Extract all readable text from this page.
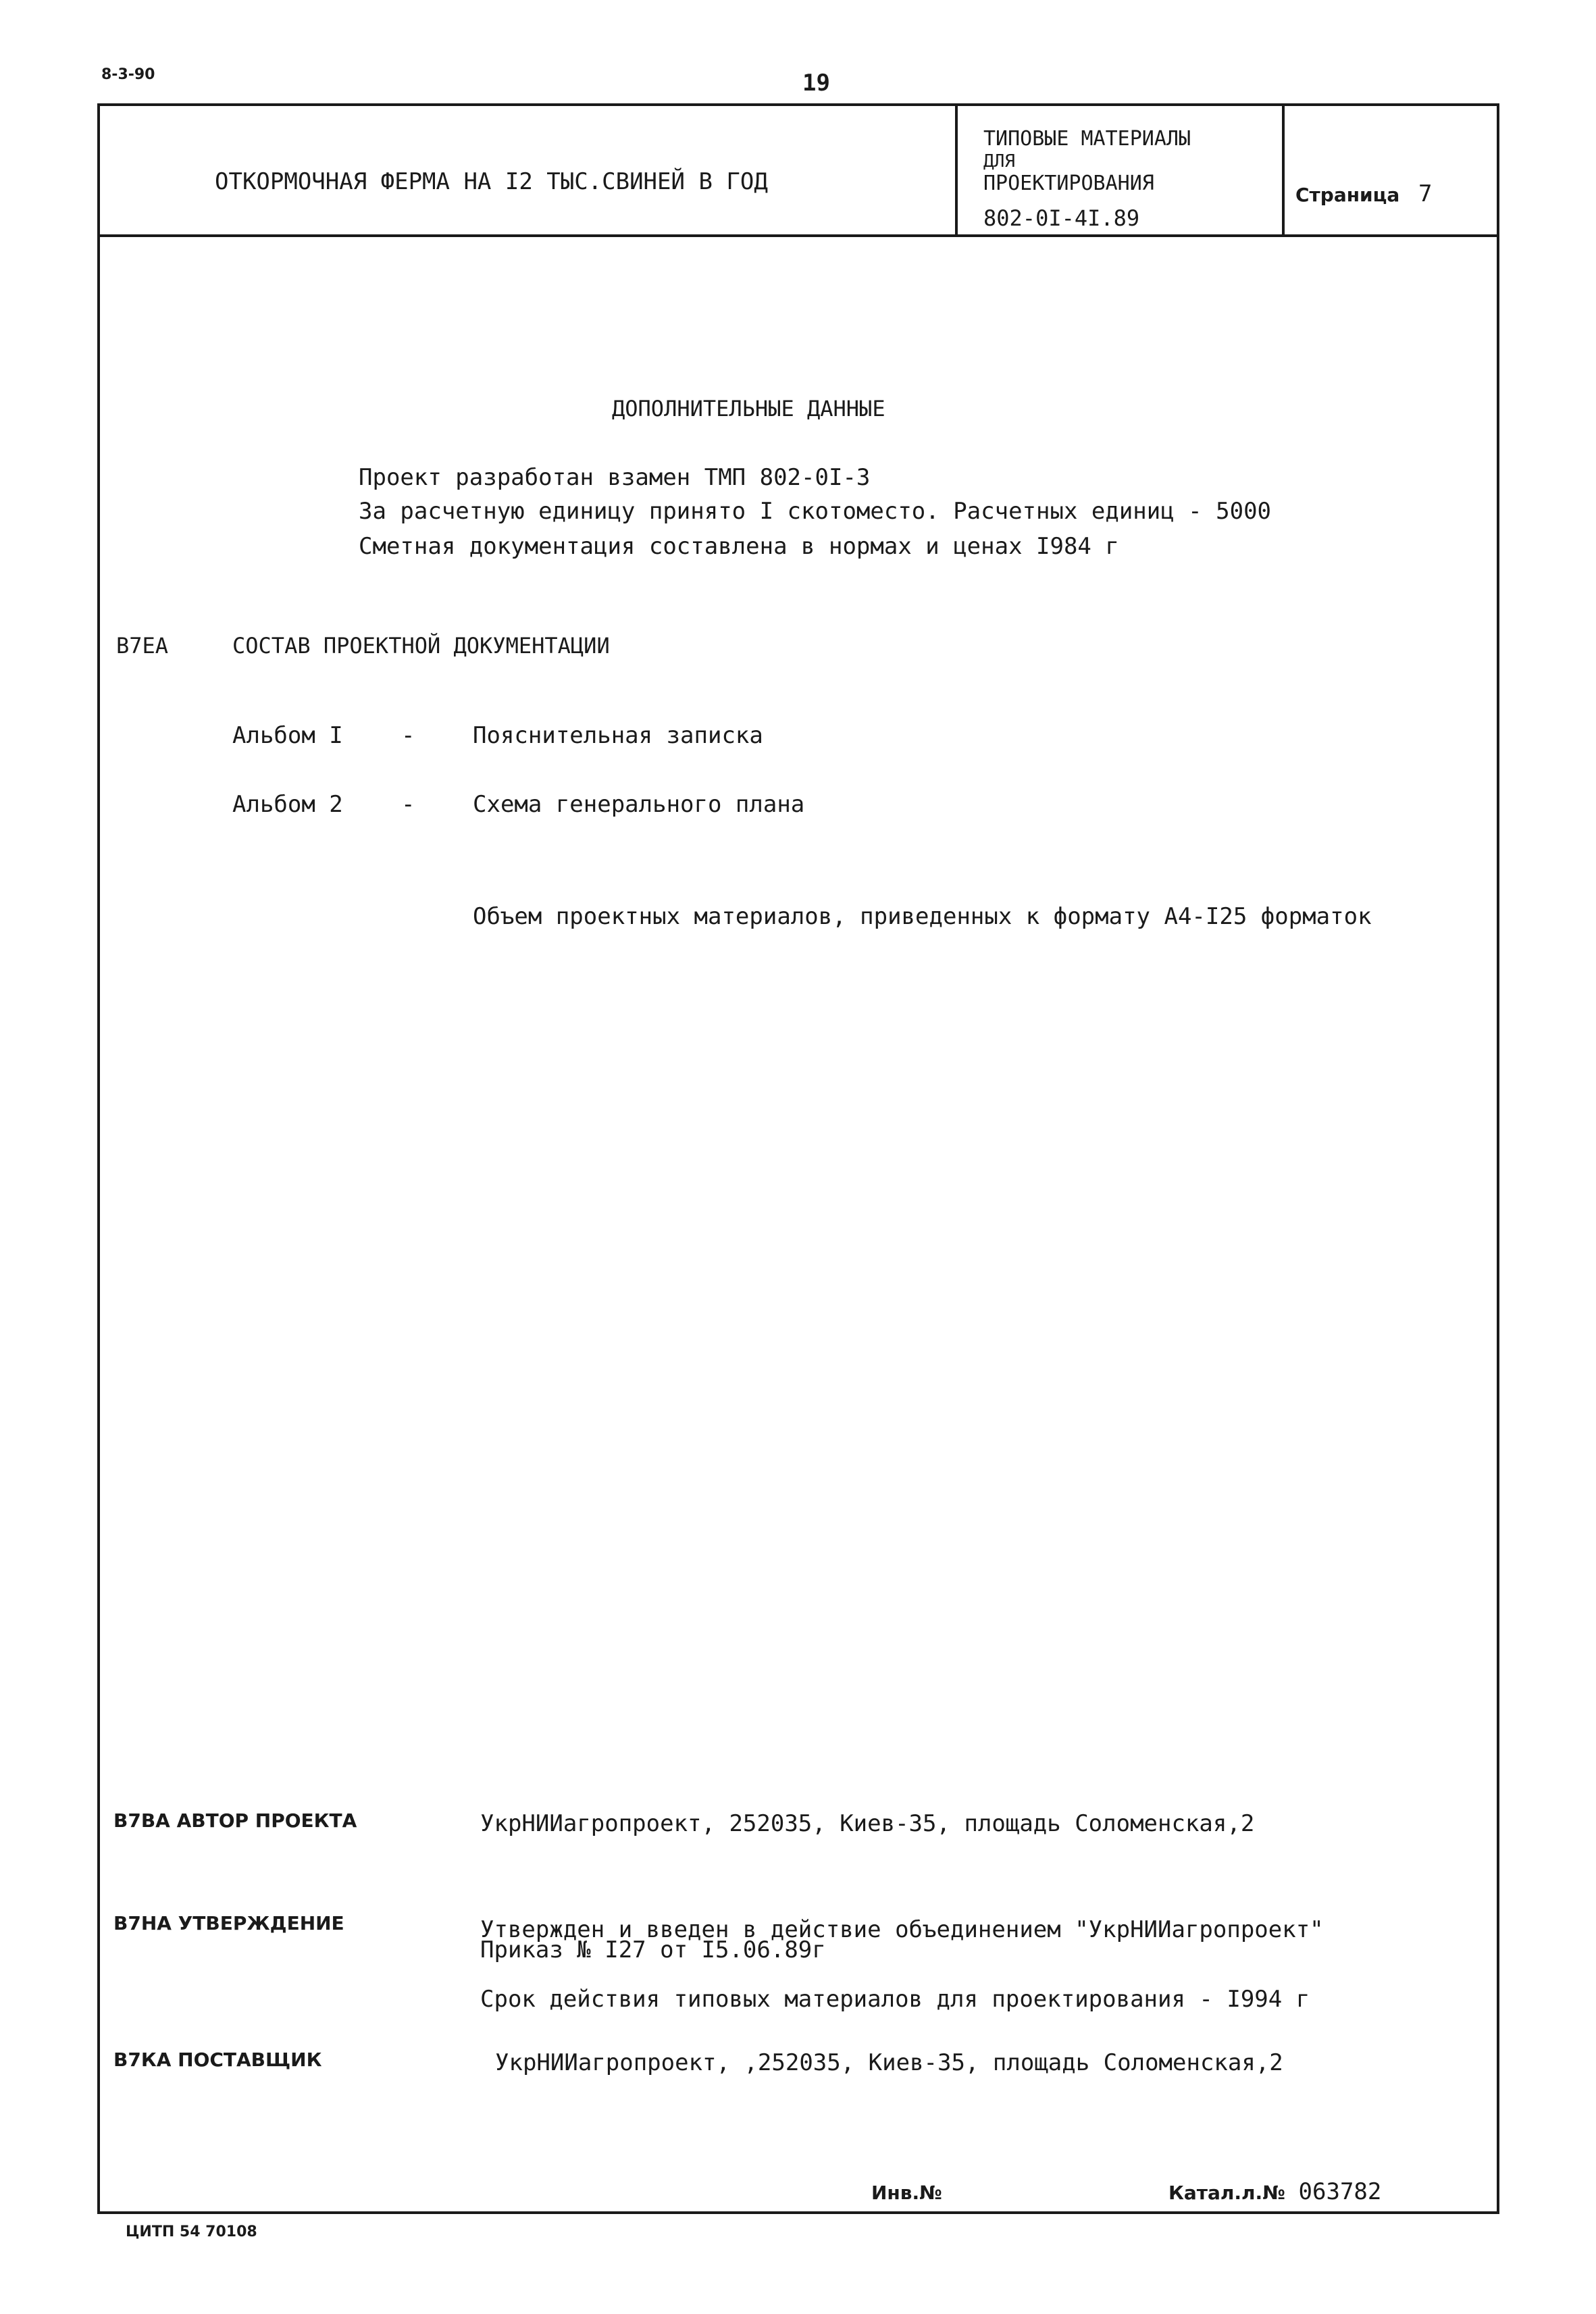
8-3-90	19
ОТКОРМОЧНАЯ ФЕРМА НА I2 ТЫС.СВИНЕЙ В ГОД
ТИПОВЫЕ МАТЕРИАЛЫ
ДЛЯ
ПРОЕКТИРОВАНИЯ
802-0I-4I.89
Страница 7
ДОПОЛНИТЕЛЬНЫЕ ДАННЫЕ
Проект разработан взамен ТМП 802-0I-3
За расчетную единицу принято I скотоместо. Расчетных единиц - 5000
Сметная документация составлена в нормах и ценах I984 г
В7ЕА	СОСТАВ ПРОЕКТНОЙ ДОКУМЕНТАЦИИ
Альбом I	-	Пояснительная записка
Альбом 2	-	Схема генерального плана
Объем проектных материалов, приведенных к формату А4-I25 форматок
В7ВА АВТОР ПРОЕКТА	УкрНИИагропроект, 252035, Киев-35, площадь Соломенская,2
В7НА УТВЕРЖДЕНИЕ	Утвержден и введен в действие объединением "УкрНИИагропроект"
Приказ № I27 от I5.06.89г
Срок действия типовых материалов для проектирования - I994 г
В7КА ПОСТАВЩИК	УкрНИИагропроект, ,252035, Киев-35, площадь Соломенская,2
Инв.№	Катал.л.№ 063782
ЦИТП 54 70108
